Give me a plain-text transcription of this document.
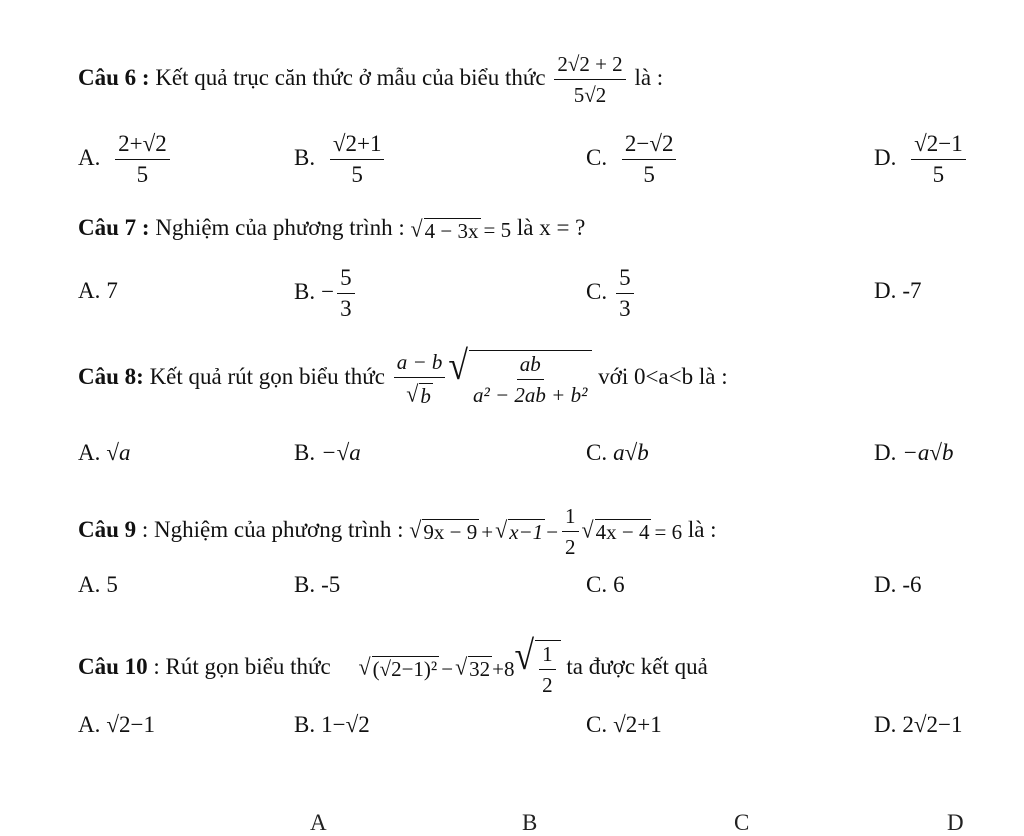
Câu 6 : Kết quả trục căn thức ở mẫu của biểu thức $\frac{2√2 + 2}{5√2}$ là :
A. $\frac{2+√2}{5}$	B. $\frac{√2+1}{5}$	C. $\frac{2-√2}{5}$	D. $\frac{√2-1}{5}$
Câu 7 : Nghiệm của phương trình : √ 4 − 3x = 5 là x = ?
A. 7	B. − $\frac{5}{3}$	C. $\frac{5}{3}$	D. -7
Câu 8: Kết quả rút gọn biểu thức $\frac{a - b}{√ b}$ √ $\frac{ab}{\text{a² − 2ab + b²}}$ với 0<a<b là :
A. √a	B. −√a	C. a√b	D. −a√b
Câu 9 : Nghiệm của phương trình : √ 9x − 9 + √ $x-1 - \frac{1}{2}$ √ 4x − 4 = 6 là :
A. 5	B. -5	C. 6	D. -6
Câu 10 : Rút gọn biểu thức √ (√2−1)² − √ 32 +8 √ $\frac{1}{2}$ ta được kết quả
A. √2−1	B. 1−√2	C. √2+1	D. 2√2−1
A	B	C	D
